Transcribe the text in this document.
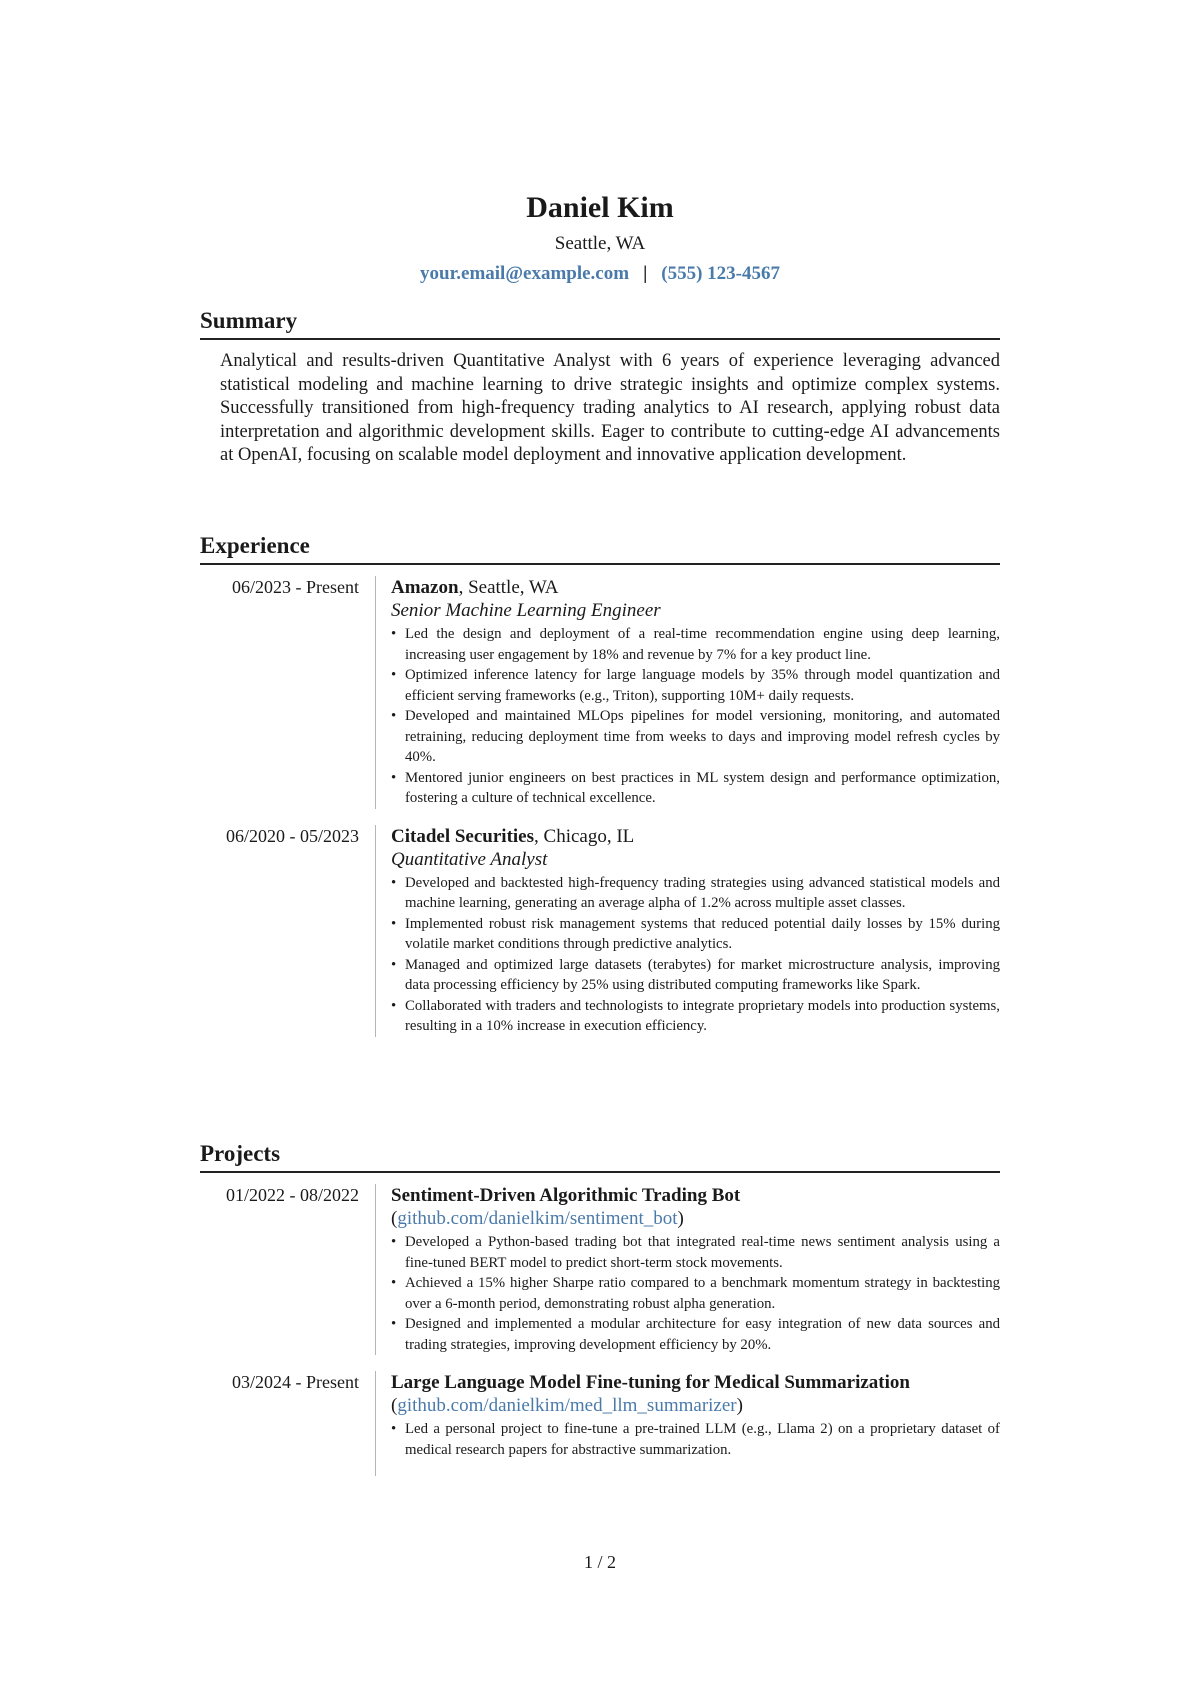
Daniel Kim
Seattle, WA
your.email@example.com | (555) 123-4567
Summary

Analytical and results-driven Quantitative Analyst with 6 years of experience leveraging advanced statistical modeling and machine learning to drive strategic insights and optimize complex systems. Successfully transitioned from high-frequency trading analytics to AI research, applying robust data interpretation and algorithmic development skills. Eager to contribute to cutting-edge AI advancements at OpenAI, focusing on scalable model deployment and innovative application development.

Experience
06/2023 - Present	Amazon, Seattle, WA
Senior Machine Learning Engineer
• Led the design and deployment of a real-time recommendation engine using deep learning, increasing user engagement by 18% and revenue by 7% for a key product line.
• Optimized inference latency for large language models by 35% through model quantization and efficient serving frameworks (e.g., Triton), supporting 10M+ daily requests.
• Developed and maintained MLOps pipelines for model versioning, monitoring, and automated retraining, reducing deployment time from weeks to days and improving model refresh cycles by 40%.
• Mentored junior engineers on best practices in ML system design and performance optimization, fostering a culture of technical excellence.
06/2020 - 05/2023	Citadel Securities, Chicago, IL
Quantitative Analyst
• Developed and backtested high-frequency trading strategies using advanced statistical models and machine learning, generating an average alpha of 1.2% across multiple asset classes.
• Implemented robust risk management systems that reduced potential daily losses by 15% during volatile market conditions through predictive analytics.
• Managed and optimized large datasets (terabytes) for market microstructure analysis, improving data processing efficiency by 25% using distributed computing frameworks like Spark.
• Collaborated with traders and technologists to integrate proprietary models into production systems, resulting in a 10% increase in execution efficiency.
Projects
01/2022 - 08/2022	Sentiment-Driven Algorithmic Trading Bot (github.com/danielkim/sentiment_bot)
• Developed a Python-based trading bot that integrated real-time news sentiment analysis using a fine-tuned BERT model to predict short-term stock movements.
• Achieved a 15% higher Sharpe ratio compared to a benchmark momentum strategy in backtesting over a 6-month period, demonstrating robust alpha generation.
• Designed and implemented a modular architecture for easy integration of new data sources and trading strategies, improving development efficiency by 20%.
03/2024 - Present	Large Language Model Fine-tuning for Medical Summarization (github.com/danielkim/med_llm_summarizer)
• Led a personal project to fine-tune a pre-trained LLM (e.g., Llama 2) on a proprietary dataset of medical research papers for abstractive summarization.
1 / 2
